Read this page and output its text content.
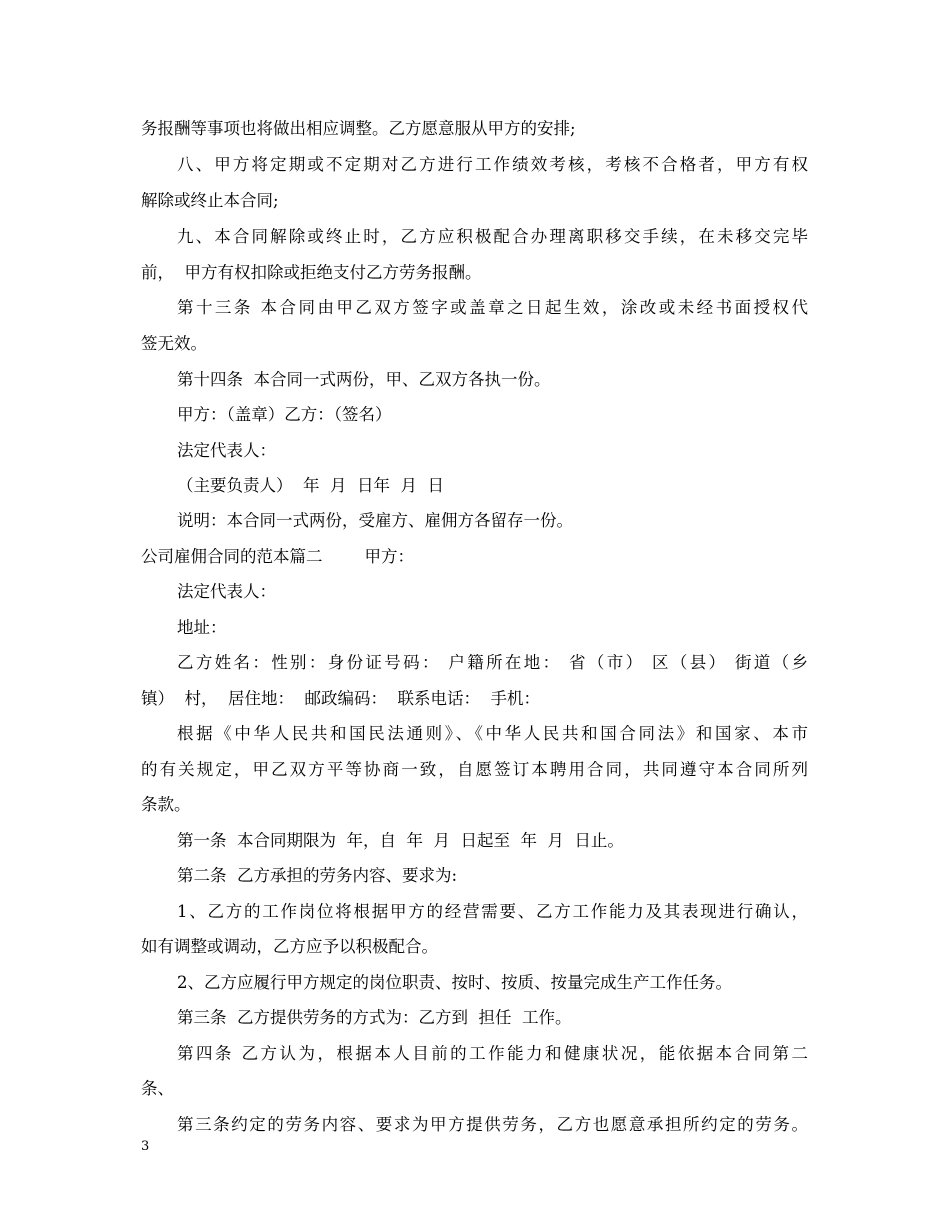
务报酬等事项也将做出相应调整。乙方愿意服从甲方的安排;
八、甲方将定期或不定期对乙方进行工作绩效考核，考核不合格者，甲方有权
解除或终止本合同;
九、本合同解除或终止时，乙方应积极配合办理离职移交手续，在未移交完毕
前，  甲方有权扣除或拒绝支付乙方劳务报酬。
第十三条 本合同由甲乙双方签字或盖章之日起生效，涂改或未经书面授权代
签无效。
第十四条  本合同一式两份，甲、乙双方各执一份。
甲方：（盖章）乙方：（签名）
法定代表人：
（主要负责人）  年  月  日年  月  日
说明：本合同一式两份，受雇方、雇佣方各留存一份。
公司雇佣合同的范本篇二        甲方：
法定代表人：
地址：
乙方姓名：性别：身份证号码： 户籍所在地： 省（市） 区（县） 街道（乡
镇）  村，  居住地：  邮政编码：  联系电话：  手机：
根据《中华人民共和国民法通则》、《中华人民共和国合同法》和国家、本市
的有关规定，甲乙双方平等协商一致，自愿签订本聘用合同，共同遵守本合同所列
条款。
第一条  本合同期限为  年，自  年  月  日起至  年  月  日止。
第二条  乙方承担的劳务内容、要求为:
1、乙方的工作岗位将根据甲方的经营需要、乙方工作能力及其表现进行确认，
如有调整或调动，乙方应予以积极配合。
2、乙方应履行甲方规定的岗位职责、按时、按质、按量完成生产工作任务。
第三条  乙方提供劳务的方式为：乙方到  担任  工作。
第四条 乙方认为，根据本人目前的工作能力和健康状况，能依据本合同第二
条、
第三条约定的劳务内容、要求为甲方提供劳务，乙方也愿意承担所约定的劳务。
3
